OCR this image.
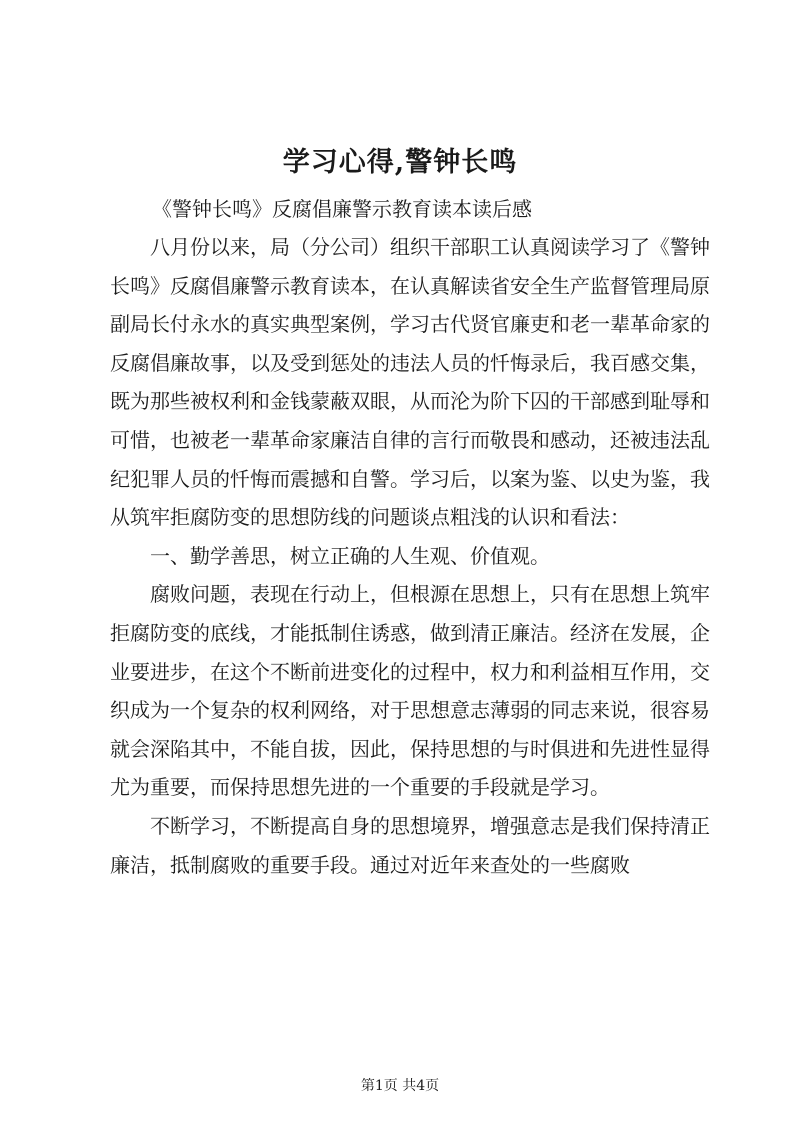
学习心得,警钟长鸣
《警钟长鸣》反腐倡廉警示教育读本读后感

八月份以来，局（分公司）组织干部职工认真阅读学习了《警钟长鸣》反腐倡廉警示教育读本，在认真解读省安全生产监督管理局原副局长付永水的真实典型案例，学习古代贤官廉吏和老一辈革命家的反腐倡廉故事，以及受到惩处的违法人员的忏悔录后，我百感交集，既为那些被权利和金钱蒙蔽双眼，从而沦为阶下囚的干部感到耻辱和可惜，也被老一辈革命家廉洁自律的言行而敬畏和感动，还被违法乱纪犯罪人员的忏悔而震撼和自警。学习后，以案为鉴、以史为鉴，我从筑牢拒腐防变的思想防线的问题谈点粗浅的认识和看法：

一、勤学善思，树立正确的人生观、价值观。

腐败问题，表现在行动上，但根源在思想上，只有在思想上筑牢拒腐防变的底线，才能抵制住诱惑，做到清正廉洁。经济在发展，企业要进步，在这个不断前进变化的过程中，权力和利益相互作用，交织成为一个复杂的权利网络，对于思想意志薄弱的同志来说，很容易就会深陷其中，不能自拔，因此，保持思想的与时俱进和先进性显得尤为重要，而保持思想先进的一个重要的手段就是学习。

不断学习，不断提高自身的思想境界，增强意志是我们保持清正廉洁，抵制腐败的重要手段。通过对近年来查处的一些腐败

第1页 共4页
